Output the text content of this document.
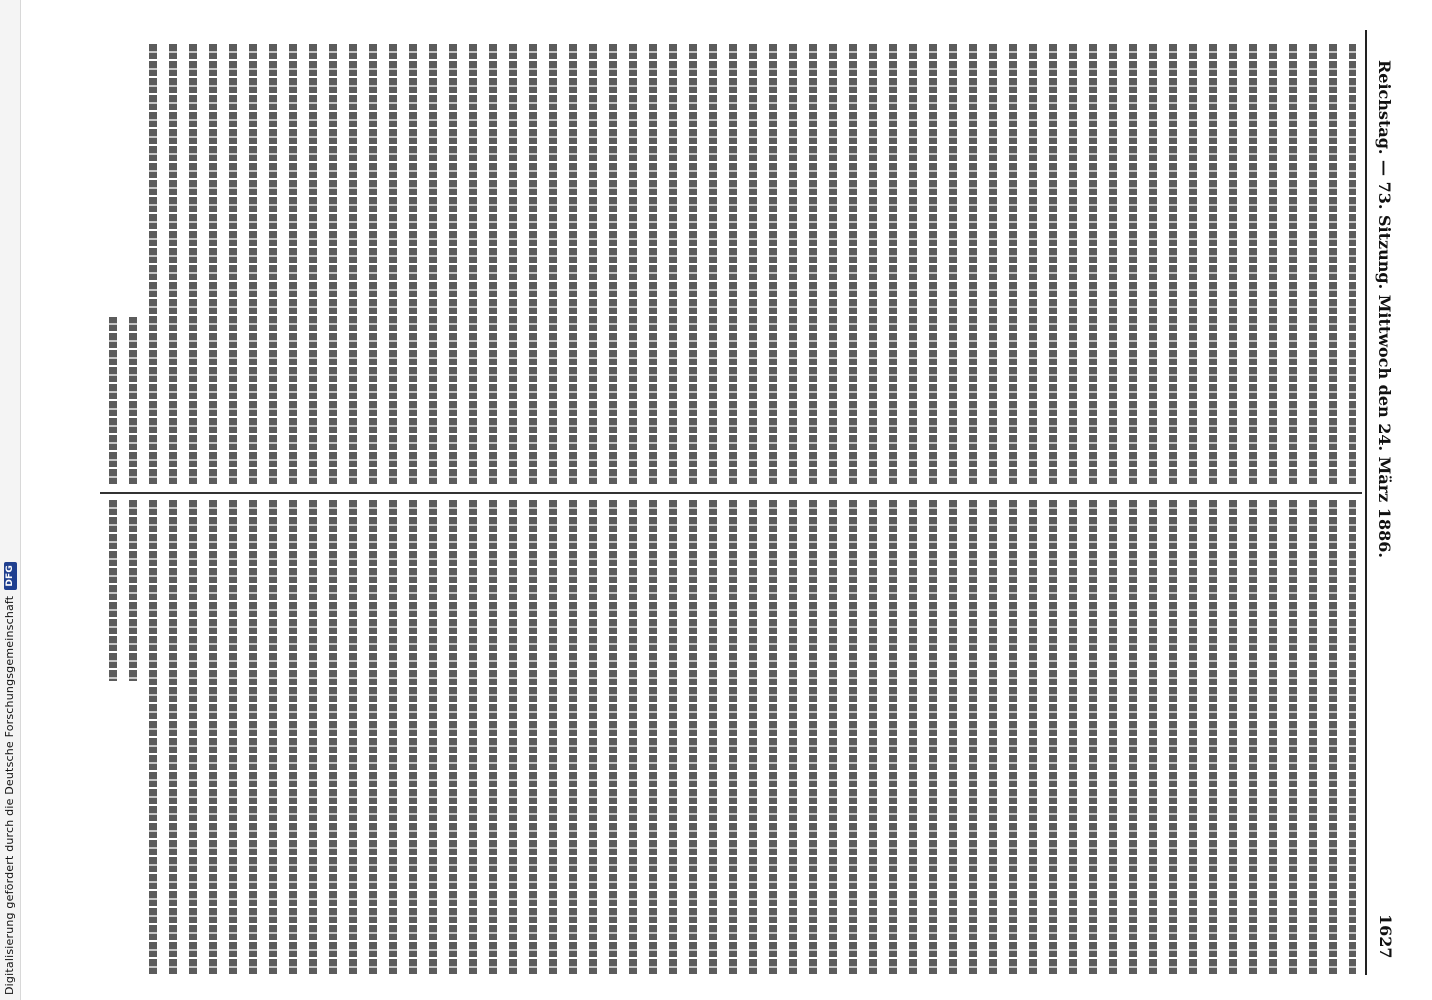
Digitalisierung gefördert durch die Deutsche ForschungsgemeinschaftDFG
Reichstag. — 73. Sitzung. Mittwoch den 24. März 1886.
1627
